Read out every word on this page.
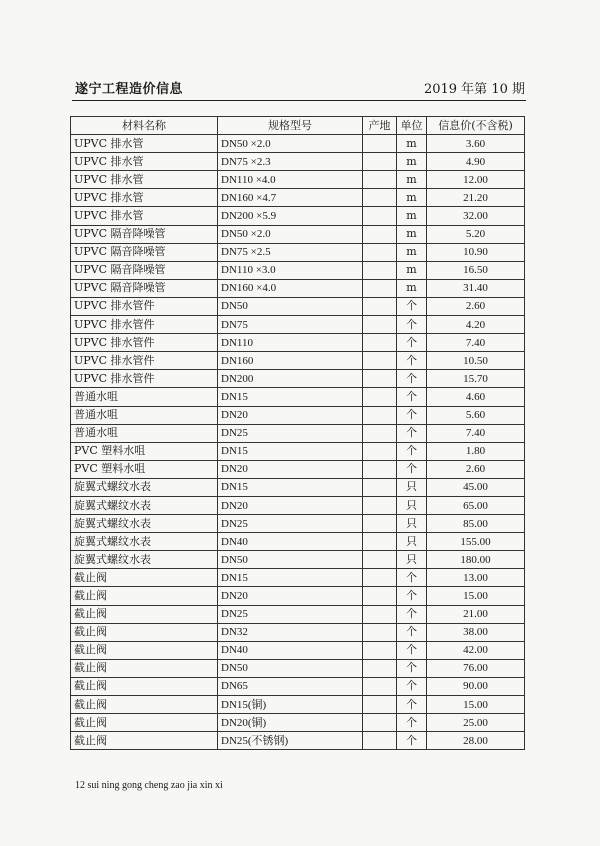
遂宁工程造价信息	2019 年第 10 期
材料名称	规格型号	产地	单位	信息价(不含税)
UPVC 排水管	DN50 ×2.0		m	3.60
UPVC 排水管	DN75 ×2.3		m	4.90
UPVC 排水管	DN110 ×4.0		m	12.00
UPVC 排水管	DN160 ×4.7		m	21.20
UPVC 排水管	DN200 ×5.9		m	32.00
UPVC 隔音降噪管	DN50 ×2.0		m	5.20
UPVC 隔音降噪管	DN75 ×2.5		m	10.90
UPVC 隔音降噪管	DN110 ×3.0		m	16.50
UPVC 隔音降噪管	DN160 ×4.0		m	31.40
UPVC 排水管件	DN50		个	2.60
UPVC 排水管件	DN75		个	4.20
UPVC 排水管件	DN110		个	7.40
UPVC 排水管件	DN160		个	10.50
UPVC 排水管件	DN200		个	15.70
普通水咀	DN15		个	4.60
普通水咀	DN20		个	5.60
普通水咀	DN25		个	7.40
PVC 塑料水咀	DN15		个	1.80
PVC 塑料水咀	DN20		个	2.60
旋翼式螺纹水表	DN15		只	45.00
旋翼式螺纹水表	DN20		只	65.00
旋翼式螺纹水表	DN25		只	85.00
旋翼式螺纹水表	DN40		只	155.00
旋翼式螺纹水表	DN50		只	180.00
截止阀	DN15		个	13.00
截止阀	DN20		个	15.00
截止阀	DN25		个	21.00
截止阀	DN32		个	38.00
截止阀	DN40		个	42.00
截止阀	DN50		个	76.00
截止阀	DN65		个	90.00
截止阀	DN15(铜)		个	15.00
截止阀	DN20(铜)		个	25.00
截止阀	DN25(不锈钢)		个	28.00
12 sui ning gong cheng zao jia xin xi
